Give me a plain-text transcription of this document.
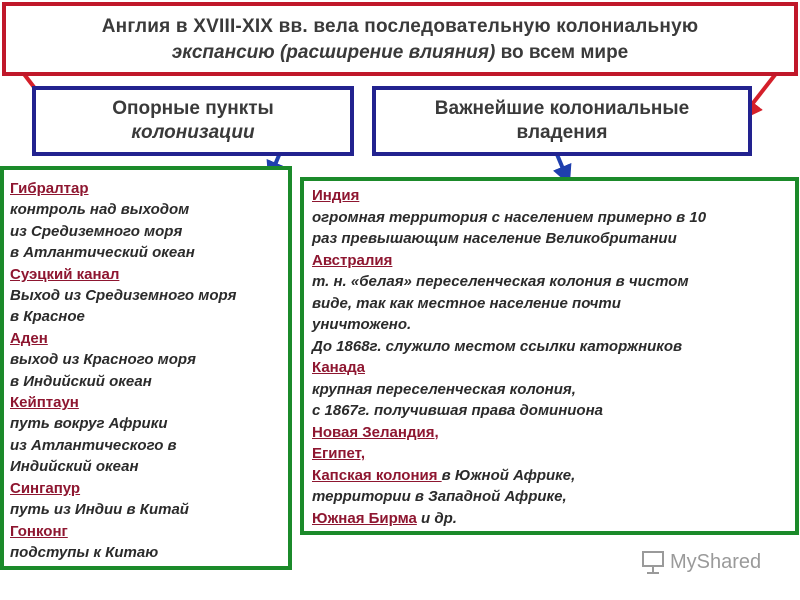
Англия в XVIII-XIX вв. вела последовательную колониальную
экспансию (расширение влияния) во всем мире
Опорные пункты
колонизации
Важнейшие колониальные
владения
Гибралтар
контроль над выходом
из Средиземного моря
в Атлантический океан
Суэцкий канал
Выход из Средиземного моря
в Красное
Аден
выход из Красного моря
в Индийский океан
Кейптаун
путь вокруг Африки
из Атлантического в
Индийский океан
Сингапур
путь из Индии в Китай
Гонконг
подступы к Китаю
Индия
огромная территория с населением примерно в 10
раз превышающим население Великобритании
Австралия
т. н. «белая» переселенческая колония в чистом
виде, так как местное население почти
уничтожено.
До 1868г. служило местом ссылки каторжников
Канада
крупная переселенческая колония,
с 1867г. получившая права доминиона
Новая Зеландия,
Египет,
Капская колония в Южной Африке,
территории в Западной Африке,
Южная Бирма и др.
MyShared
